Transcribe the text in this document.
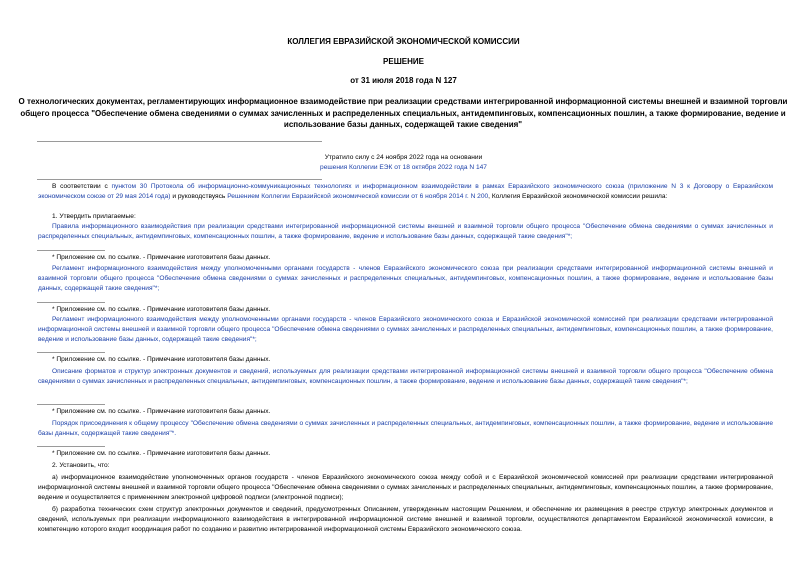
КОЛЛЕГИЯ ЕВРАЗИЙСКОЙ ЭКОНОМИЧЕСКОЙ КОМИССИИ
РЕШЕНИЕ
от 31 июля 2018 года N 127
О технологических документах, регламентирующих информационное взаимодействие при реализации средствами интегрированной информационной системы внешней и взаимной торговли общего процесса "Обеспечение обмена сведениями о суммах зачисленных и распределенных специальных, антидемпинговых, компенсационных пошлин, а также формирование, ведение и использование базы данных, содержащей такие сведения"
Утратило силу с 24 ноября 2022 года на основании
решения Коллегии ЕЭК от 18 октября 2022 года N 147

В соответствии с пунктом 30 Протокола об информационно-коммуникационных технологиях и информационном взаимодействии в рамках Евразийского экономического союза (приложение N 3 к Договору о Евразийском экономическом союзе от 29 мая 2014 года) и руководствуясь Решением Коллегии Евразийской экономической комиссии от 6 ноября 2014 г. N 200, Коллегия Евразийской экономической комиссии решила:

1. Утвердить прилагаемые:
Правила информационного взаимодействия при реализации средствами интегрированной информационной системы внешней и взаимной торговли общего процесса "Обеспечение обмена сведениями о суммах зачисленных и распределенных специальных, антидемпинговых, компенсационных пошлин, а также формирование, ведение и использование базы данных, содержащей такие сведения"*;
* Приложение см. по ссылке. - Примечание изготовителя базы данных.
Регламент информационного взаимодействия между уполномоченными органами государств - членов Евразийского экономического союза при реализации средствами интегрированной информационной системы внешней и взаимной торговли общего процесса "Обеспечение обмена сведениями о суммах зачисленных и распределенных специальных, антидемпинговых, компенсационных пошлин, а также формирование, ведение и использование базы данных, содержащей такие сведения"*;
* Приложение см. по ссылке. - Примечание изготовителя базы данных.
Регламент информационного взаимодействия между уполномоченными органами государств - членов Евразийского экономического союза и Евразийской экономической комиссией при реализации средствами интегрированной информационной системы внешней и взаимной торговли общего процесса "Обеспечение обмена сведениями о суммах зачисленных и распределенных специальных, антидемпинговых, компенсационных пошлин, а также формирование, ведение и использование базы данных, содержащей такие сведения"*;
* Приложение см. по ссылке. - Примечание изготовителя базы данных.
Описание форматов и структур электронных документов и сведений, используемых для реализации средствами интегрированной информационной системы внешней и взаимной торговли общего процесса "Обеспечение обмена сведениями о суммах зачисленных и распределенных специальных, антидемпинговых, компенсационных пошлин, а также формирование, ведение и использование базы данных, содержащей такие сведения"*;
* Приложение см. по ссылке. - Примечание изготовителя базы данных.
Порядок присоединения к общему процессу "Обеспечение обмена сведениями о суммах зачисленных и распределенных специальных, антидемпинговых, компенсационных пошлин, а также формирование, ведение и использование базы данных, содержащей такие сведения"*.
* Приложение см. по ссылке. - Примечание изготовителя базы данных.
2. Установить, что:
а) информационное взаимодействие уполномоченных органов государств - членов Евразийского экономического союза между собой и с Евразийской экономической комиссией при реализации средствами интегрированной информационной системы внешней и взаимной торговли общего процесса "Обеспечение обмена сведениями о суммах зачисленных и распределенных специальных, антидемпинговых, компенсационных пошлин, а также формирование, ведение и осуществляется с применением электронной цифровой подписи (электронной подписи);
б) разработка технических схем структур электронных документов и сведений, предусмотренных Описанием, утвержденным настоящим Решением, и обеспечение их размещения в реестре структур электронных документов и сведений, используемых при реализации информационного взаимодействия в интегрированной информационной системе внешней и взаимной торговли, осуществляются департаментом Евразийской экономической комиссии, в компетенцию которого входит координация работ по созданию и развитию интегрированной информационной системы Евразийского экономического союза.
